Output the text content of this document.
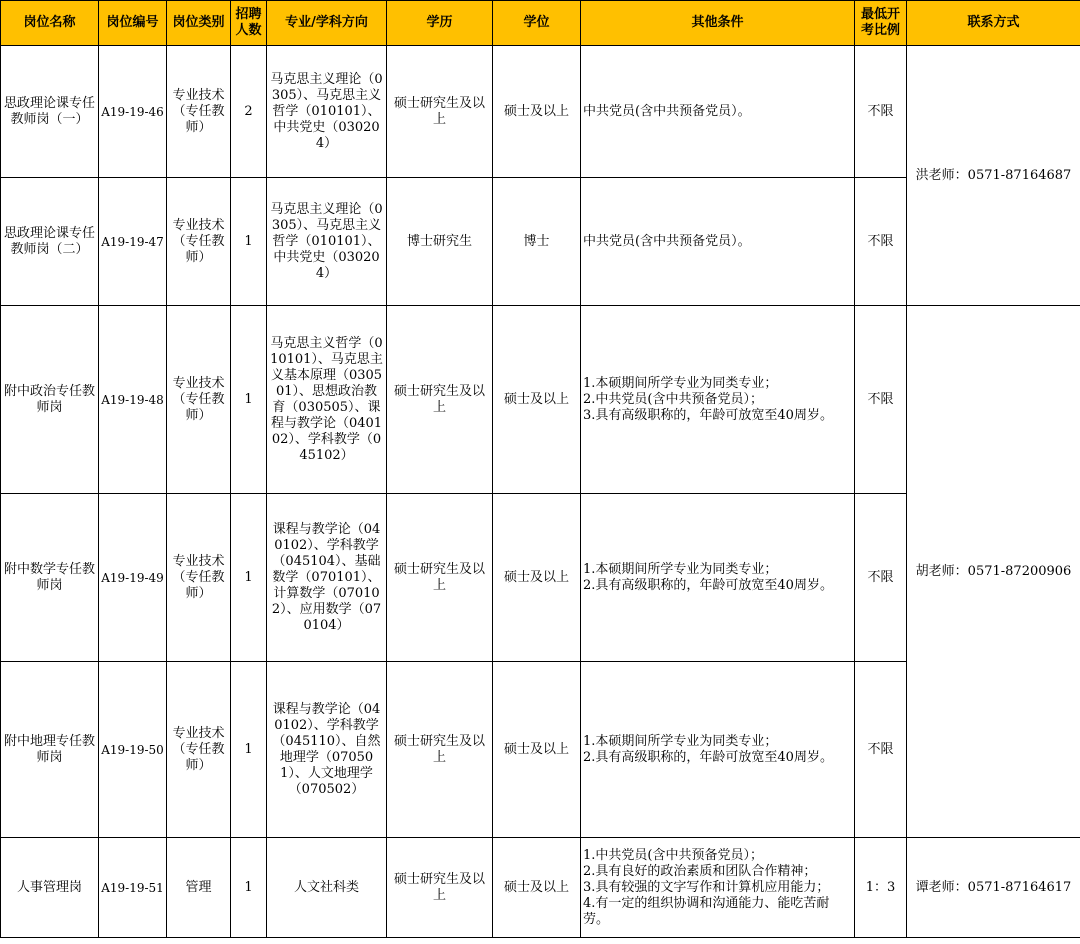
岗位名称	岗位编号	岗位类别	招聘人数	专业/学科方向	学历	学位	其他条件	最低开考比例	联系方式
思政理论课专任教师岗（一）	A19-19-46	专业技术（专任教师）	2	马克思主义理论（0305）、马克思主义哲学（010101）、中共党史（030204）	硕士研究生及以上	硕士及以上	中共党员(含中共预备党员）。	不限	洪老师：0571-87164687
思政理论课专任教师岗（二）	A19-19-47	专业技术（专任教师）	1	马克思主义理论（0305）、马克思主义哲学（010101）、中共党史（030204）	博士研究生	博士	中共党员(含中共预备党员）。	不限	
附中政治专任教师岗	A19-19-48	专业技术（专任教师）	1	马克思主义哲学（010101）、马克思主义基本原理（030501）、思想政治教育（030505）、课程与教学论（040102）、学科教学（045102）	硕士研究生及以上	硕士及以上	1.本硕期间所学专业为同类专业；
2.中共党员(含中共预备党员）；
3.具有高级职称的，年龄可放宽至40周岁。	不限	胡老师：0571-87200906
附中数学专任教师岗	A19-19-49	专业技术（专任教师）	1	课程与教学论（040102）、学科教学（045104）、基础数学（070101）、计算数学（070102）、应用数学（070104）	硕士研究生及以上	硕士及以上	1.本硕期间所学专业为同类专业；
2.具有高级职称的，年龄可放宽至40周岁。	不限	
附中地理专任教师岗	A19-19-50	专业技术（专任教师）	1	课程与教学论（040102）、学科教学（045110）、自然地理学（070501）、人文地理学（070502）	硕士研究生及以上	硕士及以上	1.本硕期间所学专业为同类专业；
2.具有高级职称的，年龄可放宽至40周岁。	不限	
人事管理岗	A19-19-51	管理	1	人文社科类	硕士研究生及以上	硕士及以上	1.中共党员(含中共预备党员）；
2.具有良好的政治素质和团队合作精神；
3.具有较强的文字写作和计算机应用能力；
4.有一定的组织协调和沟通能力、能吃苦耐劳。	1：3	谭老师：0571-87164617
